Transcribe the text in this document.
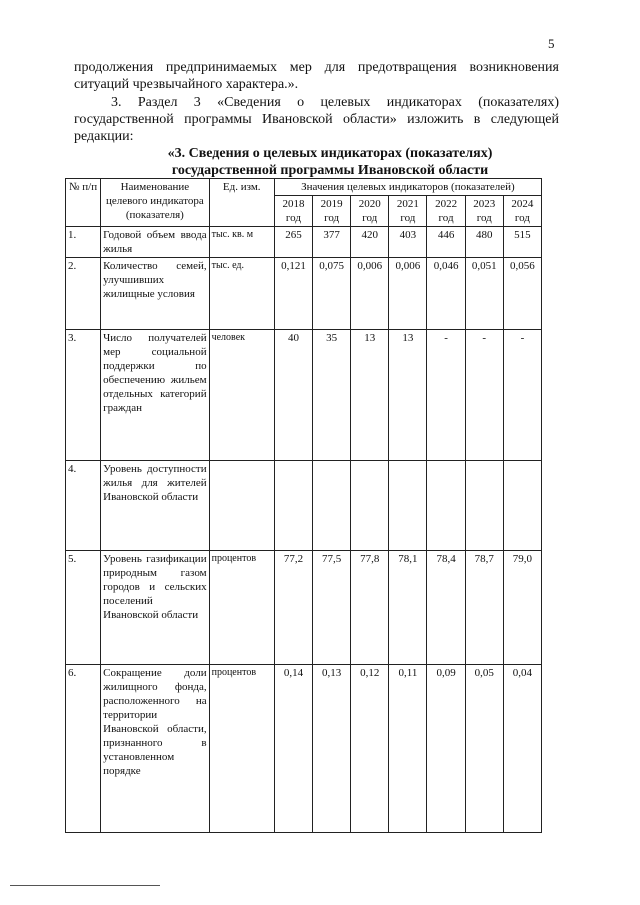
5
продолжения предпринимаемых мер для предотвращения возникновения ситуаций чрезвычайного характера.».
3. Раздел 3 «Сведения о целевых индикаторах (показателях) государственной программы Ивановской области» изложить в следующей редакции:
«3. Сведения о целевых индикаторах (показателях)
государственной программы Ивановской области
№ п/п	Наименование целевого индикатора (показателя)	Ед. изм.	Значения целевых индикаторов (показателей)						
			2018 год	2019 год	2020 год	2021 год	2022 год	2023 год	2024 год
1.	Годовой объем ввода жилья	тыс. кв. м	265	377	420	403	446	480	515
2.	Количество семей, улучшивших жилищные условия	тыс. ед.	0,121	0,075	0,006	0,006	0,046	0,051	0,056
3.	Число получателей мер социальной поддержки по обеспечению жильем отдельных категорий граждан	человек	40	35	13	13	-	-	-
4.	Уровень доступности жилья для жителей Ивановской области								
5.	Уровень газификации природным газом городов и сельских поселений Ивановской области	процентов	77,2	77,5	77,8	78,1	78,4	78,7	79,0
6.	Сокращение доли жилищного фонда, расположенного на территории Ивановской области, признанного в установленном порядке	процентов	0,14	0,13	0,12	0,11	0,09	0,05	0,04
